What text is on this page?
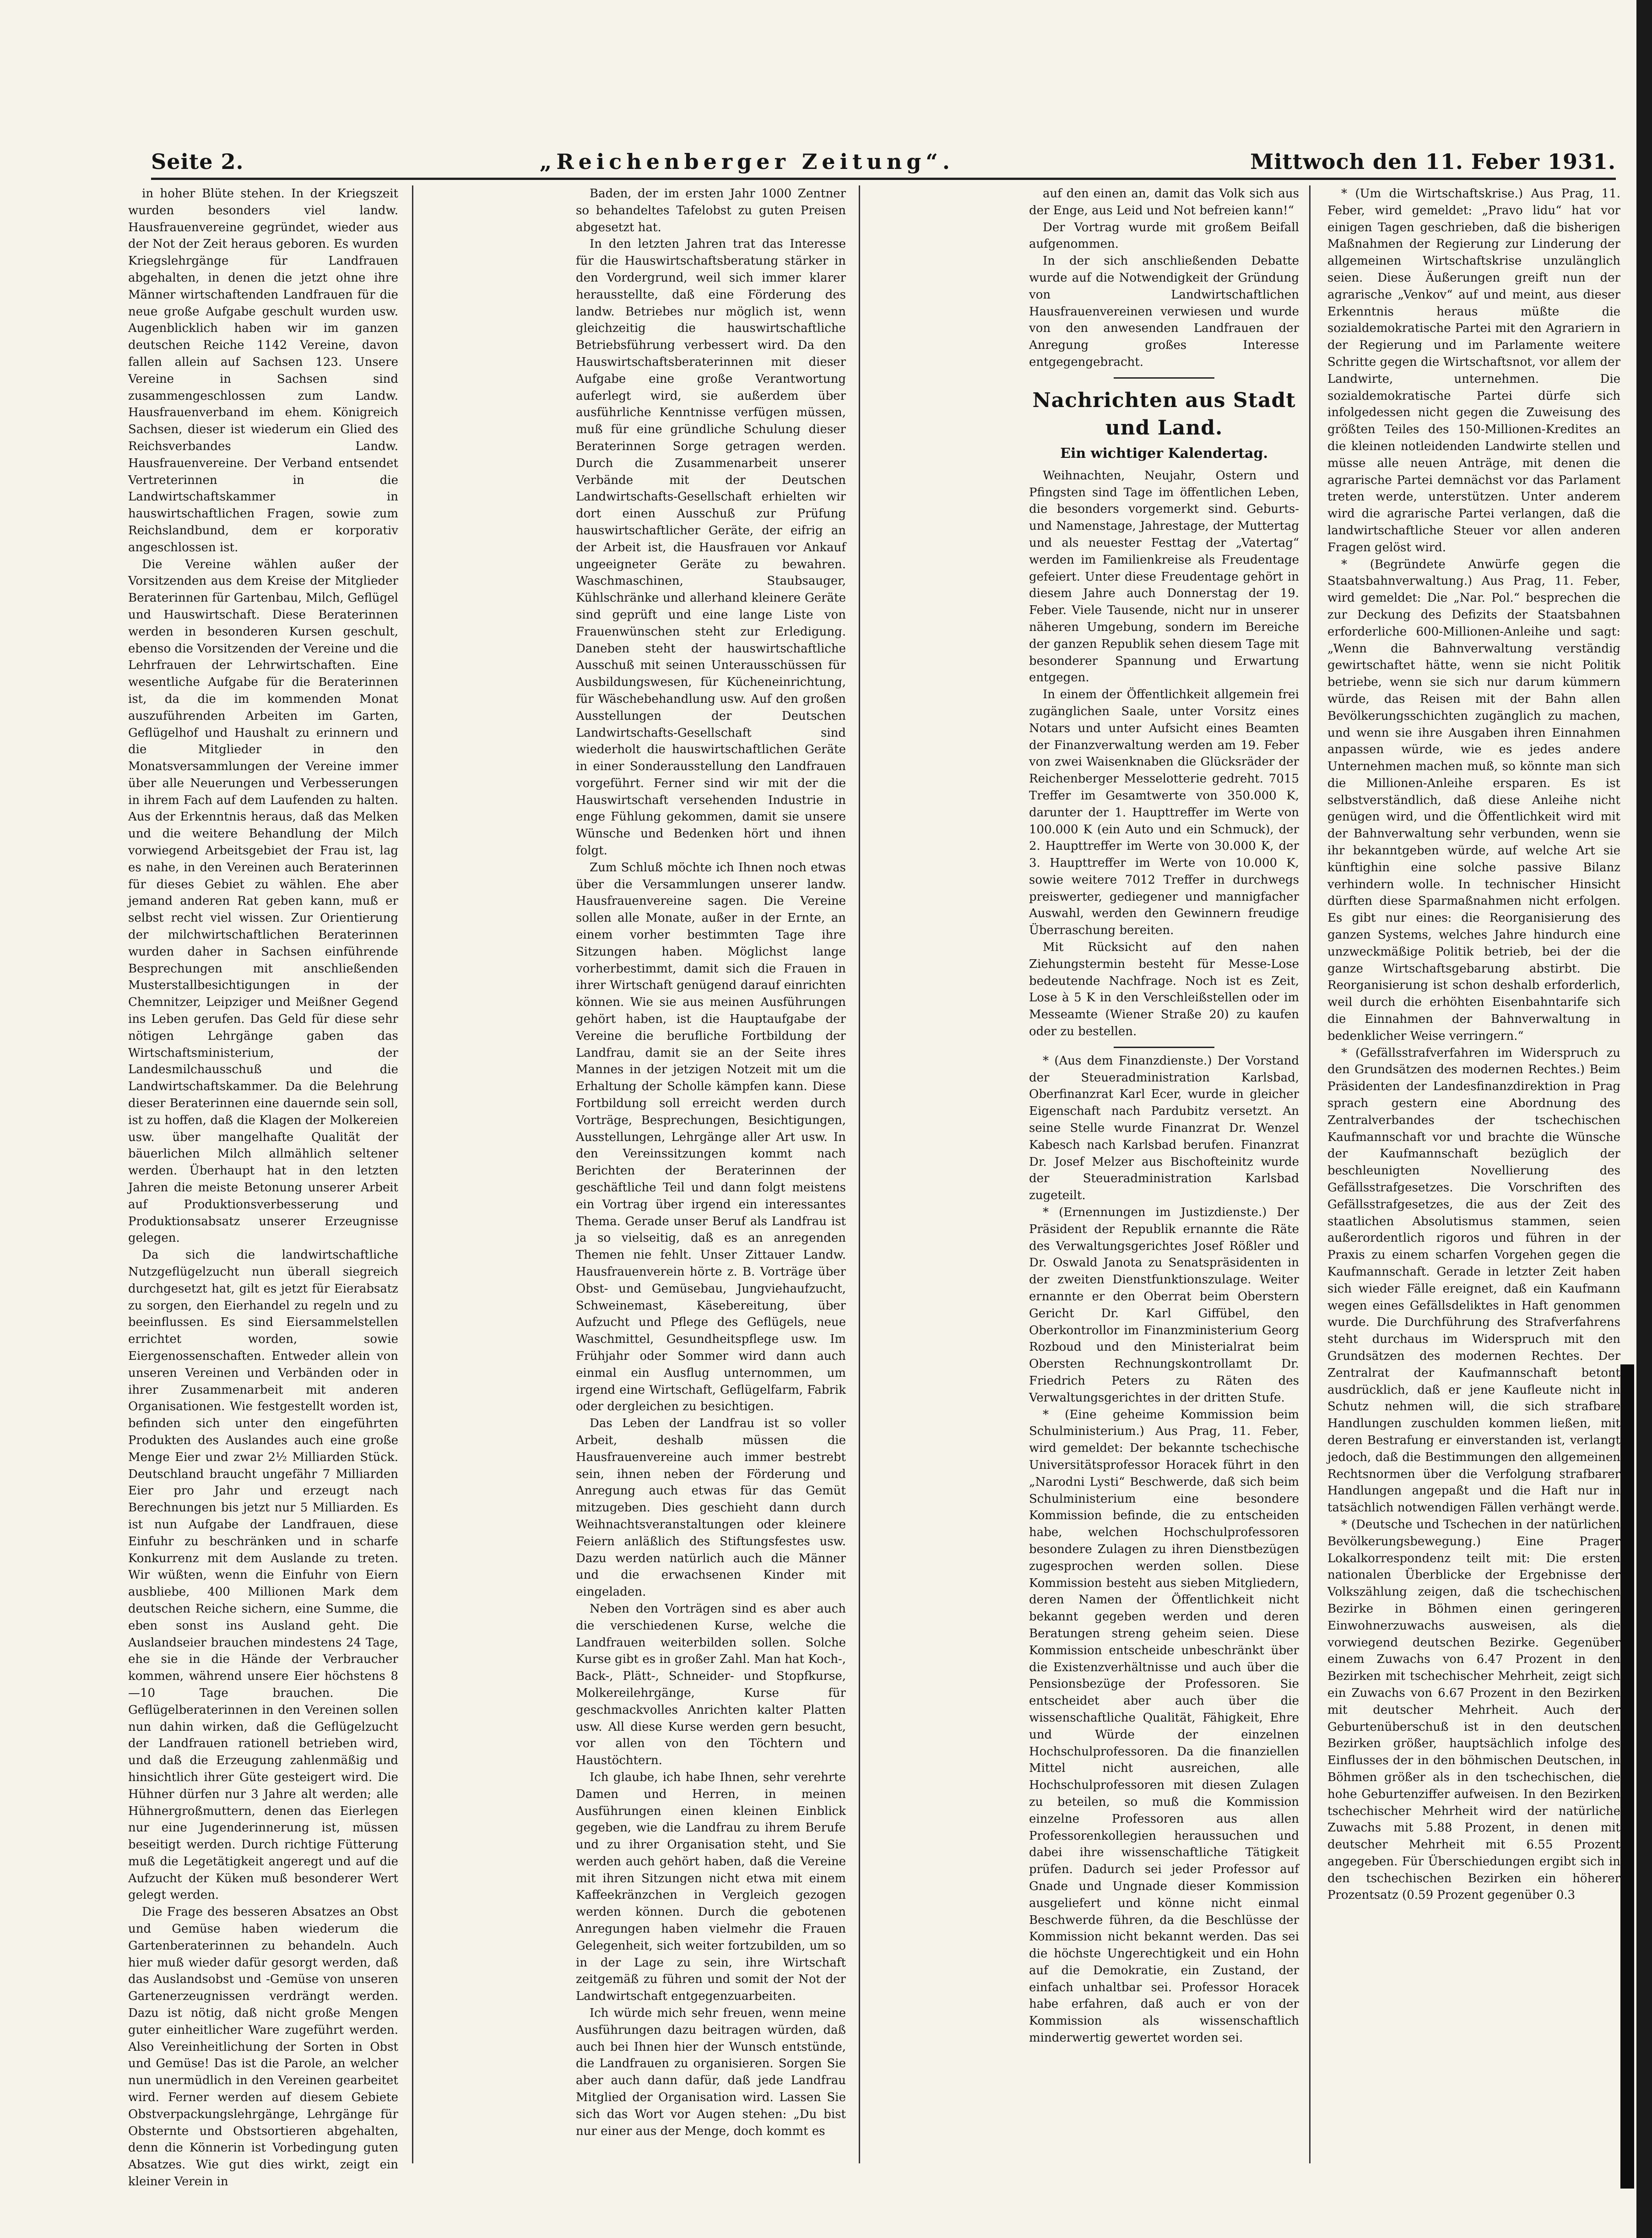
Seite 2.	„Reichenberger Zeitung“.	Mittwoch den 11. Feber 1931.

in hoher Blüte stehen. In der Kriegszeit wurden besonders viel landw. Hausfrauenvereine gegründet, wieder aus der Not der Zeit heraus geboren. Es wurden Kriegslehrgänge für Landfrauen abgehalten, in denen die jetzt ohne ihre Männer wirtschaftenden Landfrauen für die neue große Aufgabe geschult wurden usw. Augenblicklich haben wir im ganzen deutschen Reiche 1142 Vereine, davon fallen allein auf Sachsen 123. Unsere Vereine in Sachsen sind zusammengeschlossen zum Landw. Hausfrauenverband im ehem. Königreich Sachsen, dieser ist wiederum ein Glied des Reichsverbandes Landw. Hausfrauenvereine. Der Verband entsendet Vertreterinnen in die Landwirtschaftskammer in hauswirtschaftlichen Fragen, sowie zum Reichslandbund, dem er korporativ angeschlossen ist.

Die Vereine wählen außer der Vorsitzenden aus dem Kreise der Mitglieder Beraterinnen für Gartenbau, Milch, Geflügel und Hauswirtschaft. Diese Beraterinnen werden in besonderen Kursen geschult, ebenso die Vorsitzenden der Vereine und die Lehrfrauen der Lehrwirtschaften. Eine wesentliche Aufgabe für die Beraterinnen ist, da die im kommenden Monat auszuführenden Arbeiten im Garten, Geflügelhof und Haushalt zu erinnern und die Mitglieder in den Monatsversammlungen der Vereine immer über alle Neuerungen und Verbesserungen in ihrem Fach auf dem Laufenden zu halten. Aus der Erkenntnis heraus, daß das Melken und die weitere Behandlung der Milch vorwiegend Arbeitsgebiet der Frau ist, lag es nahe, in den Vereinen auch Beraterinnen für dieses Gebiet zu wählen. Ehe aber jemand anderen Rat geben kann, muß er selbst recht viel wissen. Zur Orientierung der milchwirtschaftlichen Beraterinnen wurden daher in Sachsen einführende Besprechungen mit anschließenden Musterstallbesichtigungen in der Chemnitzer, Leipziger und Meißner Gegend ins Leben gerufen. Das Geld für diese sehr nötigen Lehrgänge gaben das Wirtschaftsministerium, der Landesmilchausschuß und die Landwirtschaftskammer. Da die Belehrung dieser Beraterinnen eine dauernde sein soll, ist zu hoffen, daß die Klagen der Molkereien usw. über mangelhafte Qualität der bäuerlichen Milch allmählich seltener werden. Überhaupt hat in den letzten Jahren die meiste Betonung unserer Arbeit auf Produktionsverbesserung und Produktionsabsatz unserer Erzeugnisse gelegen.

Da sich die landwirtschaftliche Nutzgeflügelzucht nun überall siegreich durchgesetzt hat, gilt es jetzt für Eierabsatz zu sorgen, den Eierhandel zu regeln und zu beeinflussen. Es sind Eiersammelstellen errichtet worden, sowie Eiergenossenschaften. Entweder allein von unseren Vereinen und Verbänden oder in ihrer Zusammenarbeit mit anderen Organisationen. Wie festgestellt worden ist, befinden sich unter den eingeführten Produkten des Auslandes auch eine große Menge Eier und zwar 2½ Milliarden Stück. Deutschland braucht ungefähr 7 Milliarden Eier pro Jahr und erzeugt nach Berechnungen bis jetzt nur 5 Milliarden. Es ist nun Aufgabe der Landfrauen, diese Einfuhr zu beschränken und in scharfe Konkurrenz mit dem Auslande zu treten. Wir wüßten, wenn die Einfuhr von Eiern ausbliebe, 400 Millionen Mark dem deutschen Reiche sichern, eine Summe, die eben sonst ins Ausland geht. Die Auslandseier brauchen mindestens 24 Tage, ehe sie in die Hände der Verbraucher kommen, während unsere Eier höchstens 8—10 Tage brauchen. Die Geflügelberaterinnen in den Vereinen sollen nun dahin wirken, daß die Geflügelzucht der Landfrauen rationell betrieben wird, und daß die Erzeugung zahlenmäßig und hinsichtlich ihrer Güte gesteigert wird. Die Hühner dürfen nur 3 Jahre alt werden; alle Hühnergroßmuttern, denen das Eierlegen nur eine Jugenderinnerung ist, müssen beseitigt werden. Durch richtige Fütterung muß die Legetätigkeit angeregt und auf die Aufzucht der Küken muß besonderer Wert gelegt werden.

Die Frage des besseren Absatzes an Obst und Gemüse haben wiederum die Gartenberaterinnen zu behandeln. Auch hier muß wieder dafür gesorgt werden, daß das Auslandsobst und -Gemüse von unseren Gartenerzeugnissen verdrängt werden. Dazu ist nötig, daß nicht große Mengen guter einheitlicher Ware zugeführt werden. Also Vereinheitlichung der Sorten in Obst und Gemüse! Das ist die Parole, an welcher nun unermüdlich in den Vereinen gearbeitet wird. Ferner werden auf diesem Gebiete Obstverpackungslehrgänge, Lehrgänge für Obsternte und Obstsortieren abgehalten, denn die Könnerin ist Vorbedingung guten Absatzes. Wie gut dies wirkt, zeigt ein kleiner Verein in

Baden, der im ersten Jahr 1000 Zentner so behandeltes Tafelobst zu guten Preisen abgesetzt hat.

In den letzten Jahren trat das Interesse für die Hauswirtschaftsberatung stärker in den Vordergrund, weil sich immer klarer herausstellte, daß eine Förderung des landw. Betriebes nur möglich ist, wenn gleichzeitig die hauswirtschaftliche Betriebsführung verbessert wird. Da den Hauswirtschaftsberaterinnen mit dieser Aufgabe eine große Verantwortung auferlegt wird, sie außerdem über ausführliche Kenntnisse verfügen müssen, muß für eine gründliche Schulung dieser Beraterinnen Sorge getragen werden. Durch die Zusammenarbeit unserer Verbände mit der Deutschen Landwirtschafts-Gesellschaft erhielten wir dort einen Ausschuß zur Prüfung hauswirtschaftlicher Geräte, der eifrig an der Arbeit ist, die Hausfrauen vor Ankauf ungeeigneter Geräte zu bewahren. Waschmaschinen, Staubsauger, Kühlschränke und allerhand kleinere Geräte sind geprüft und eine lange Liste von Frauenwünschen steht zur Erledigung. Daneben steht der hauswirtschaftliche Ausschuß mit seinen Unterausschüssen für Ausbildungswesen, für Kücheneinrichtung, für Wäschebehandlung usw. Auf den großen Ausstellungen der Deutschen Landwirtschafts-Gesellschaft sind wiederholt die hauswirtschaftlichen Geräte in einer Sonderausstellung den Landfrauen vorgeführt. Ferner sind wir mit der die Hauswirtschaft versehenden Industrie in enge Fühlung gekommen, damit sie unsere Wünsche und Bedenken hört und ihnen folgt.

Zum Schluß möchte ich Ihnen noch etwas über die Versammlungen unserer landw. Hausfrauenvereine sagen. Die Vereine sollen alle Monate, außer in der Ernte, an einem vorher bestimmten Tage ihre Sitzungen haben. Möglichst lange vorherbestimmt, damit sich die Frauen in ihrer Wirtschaft genügend darauf einrichten können. Wie sie aus meinen Ausführungen gehört haben, ist die Hauptaufgabe der Vereine die berufliche Fortbildung der Landfrau, damit sie an der Seite ihres Mannes in der jetzigen Notzeit mit um die Erhaltung der Scholle kämpfen kann. Diese Fortbildung soll erreicht werden durch Vorträge, Besprechungen, Besichtigungen, Ausstellungen, Lehrgänge aller Art usw. In den Vereinssitzungen kommt nach Berichten der Beraterinnen der geschäftliche Teil und dann folgt meistens ein Vortrag über irgend ein interessantes Thema. Gerade unser Beruf als Landfrau ist ja so vielseitig, daß es an anregenden Themen nie fehlt. Unser Zittauer Landw. Hausfrauenverein hörte z. B. Vorträge über Obst- und Gemüsebau, Jungviehaufzucht, Schweinemast, Käsebereitung, über Aufzucht und Pflege des Geflügels, neue Waschmittel, Gesundheitspflege usw. Im Frühjahr oder Sommer wird dann auch einmal ein Ausflug unternommen, um irgend eine Wirtschaft, Geflügelfarm, Fabrik oder dergleichen zu besichtigen.

Das Leben der Landfrau ist so voller Arbeit, deshalb müssen die Hausfrauenvereine auch immer bestrebt sein, ihnen neben der Förderung und Anregung auch etwas für das Gemüt mitzugeben. Dies geschieht dann durch Weihnachtsveranstaltungen oder kleinere Feiern anläßlich des Stiftungsfestes usw. Dazu werden natürlich auch die Männer und die erwachsenen Kinder mit eingeladen.

Neben den Vorträgen sind es aber auch die verschiedenen Kurse, welche die Landfrauen weiterbilden sollen. Solche Kurse gibt es in großer Zahl. Man hat Koch-, Back-, Plätt-, Schneider- und Stopfkurse, Molkereilehrgänge, Kurse für geschmackvolles Anrichten kalter Platten usw. All diese Kurse werden gern besucht, vor allen von den Töchtern und Haustöchtern.

Ich glaube, ich habe Ihnen, sehr verehrte Damen und Herren, in meinen Ausführungen einen kleinen Einblick gegeben, wie die Landfrau zu ihrem Berufe und zu ihrer Organisation steht, und Sie werden auch gehört haben, daß die Vereine mit ihren Sitzungen nicht etwa mit einem Kaffeekränzchen in Vergleich gezogen werden können. Durch die gebotenen Anregungen haben vielmehr die Frauen Gelegenheit, sich weiter fortzubilden, um so in der Lage zu sein, ihre Wirtschaft zeitgemäß zu führen und somit der Not der Landwirtschaft entgegenzuarbeiten.

Ich würde mich sehr freuen, wenn meine Ausführungen dazu beitragen würden, daß auch bei Ihnen hier der Wunsch entstünde, die Landfrauen zu organisieren. Sorgen Sie aber auch dann dafür, daß jede Landfrau Mitglied der Organisation wird. Lassen Sie sich das Wort vor Augen stehen: „Du bist nur einer aus der Menge, doch kommt es

auf den einen an, damit das Volk sich aus der Enge, aus Leid und Not befreien kann!“

Der Vortrag wurde mit großem Beifall aufgenommen.

In der sich anschließenden Debatte wurde auf die Notwendigkeit der Gründung von Landwirtschaftlichen Hausfrauenvereinen verwiesen und wurde von den anwesenden Landfrauen der Anregung großes Interesse entgegengebracht.

Nachrichten aus Stadt und Land.
Ein wichtiger Kalendertag.

Weihnachten, Neujahr, Ostern und Pfingsten sind Tage im öffentlichen Leben, die besonders vorgemerkt sind. Geburts- und Namenstage, Jahrestage, der Muttertag und als neuester Festtag der „Vatertag“ werden im Familienkreise als Freudentage gefeiert. Unter diese Freudentage gehört in diesem Jahre auch Donnerstag der 19. Feber. Viele Tausende, nicht nur in unserer näheren Umgebung, sondern im Bereiche der ganzen Republik sehen diesem Tage mit besonderer Spannung und Erwartung entgegen.

In einem der Öffentlichkeit allgemein frei zugänglichen Saale, unter Vorsitz eines Notars und unter Aufsicht eines Beamten der Finanzverwaltung werden am 19. Feber von zwei Waisenknaben die Glücksräder der Reichenberger Messelotterie gedreht. 7015 Treffer im Gesamtwerte von 350.000 K, darunter der 1. Haupttreffer im Werte von 100.000 K (ein Auto und ein Schmuck), der 2. Haupttreffer im Werte von 30.000 K, der 3. Haupttreffer im Werte von 10.000 K, sowie weitere 7012 Treffer in durchwegs preiswerter, gediegener und mannigfacher Auswahl, werden den Gewinnern freudige Überraschung bereiten.

Mit Rücksicht auf den nahen Ziehungstermin besteht für Messe-Lose bedeutende Nachfrage. Noch ist es Zeit, Lose à 5 K in den Verschleißstellen oder im Messeamte (Wiener Straße 20) zu kaufen oder zu bestellen.

* (Aus dem Finanzdienste.) Der Vorstand der Steueradministration Karlsbad, Oberfinanzrat Karl Ecer, wurde in gleicher Eigenschaft nach Pardubitz versetzt. An seine Stelle wurde Finanzrat Dr. Wenzel Kabesch nach Karlsbad berufen. Finanzrat Dr. Josef Melzer aus Bischofteinitz wurde der Steueradministration Karlsbad zugeteilt.

* (Ernennungen im Justizdienste.) Der Präsident der Republik ernannte die Räte des Verwaltungsgerichtes Josef Rößler und Dr. Oswald Janota zu Senatspräsidenten in der zweiten Dienstfunktionszulage. Weiter ernannte er den Oberrat beim Oberstern Gericht Dr. Karl Giffübel, den Oberkontrollor im Finanzministerium Georg Rozboud und den Ministerialrat beim Obersten Rechnungskontrollamt Dr. Friedrich Peters zu Räten des Verwaltungsgerichtes in der dritten Stufe.

* (Eine geheime Kommission beim Schulministerium.) Aus Prag, 11. Feber, wird gemeldet: Der bekannte tschechische Universitätsprofessor Horacek führt in den „Narodni Lysti“ Beschwerde, daß sich beim Schulministerium eine besondere Kommission befinde, die zu entscheiden habe, welchen Hochschulprofessoren besondere Zulagen zu ihren Dienstbezügen zugesprochen werden sollen. Diese Kommission besteht aus sieben Mitgliedern, deren Namen der Öffentlichkeit nicht bekannt gegeben werden und deren Beratungen streng geheim seien. Diese Kommission entscheide unbeschränkt über die Existenzverhältnisse und auch über die Pensionsbezüge der Professoren. Sie entscheidet aber auch über die wissenschaftliche Qualität, Fähigkeit, Ehre und Würde der einzelnen Hochschulprofessoren. Da die finanziellen Mittel nicht ausreichen, alle Hochschulprofessoren mit diesen Zulagen zu beteilen, so muß die Kommission einzelne Professoren aus allen Professorenkollegien heraussuchen und dabei ihre wissenschaftliche Tätigkeit prüfen. Dadurch sei jeder Professor auf Gnade und Ungnade dieser Kommission ausgeliefert und könne nicht einmal Beschwerde führen, da die Beschlüsse der Kommission nicht bekannt werden. Das sei die höchste Ungerechtigkeit und ein Hohn auf die Demokratie, ein Zustand, der einfach unhaltbar sei. Professor Horacek habe erfahren, daß auch er von der Kommission als wissenschaftlich minderwertig gewertet worden sei.

* (Um die Wirtschaftskrise.) Aus Prag, 11. Feber, wird gemeldet: „Pravo lidu“ hat vor einigen Tagen geschrieben, daß die bisherigen Maßnahmen der Regierung zur Linderung der allgemeinen Wirtschaftskrise unzulänglich seien. Diese Äußerungen greift nun der agrarische „Venkov“ auf und meint, aus dieser Erkenntnis heraus müßte die sozialdemokratische Partei mit den Agrariern in der Regierung und im Parlamente weitere Schritte gegen die Wirtschaftsnot, vor allem der Landwirte, unternehmen. Die sozialdemokratische Partei dürfe sich infolgedessen nicht gegen die Zuweisung des größten Teiles des 150-Millionen-Kredites an die kleinen notleidenden Landwirte stellen und müsse alle neuen Anträge, mit denen die agrarische Partei demnächst vor das Parlament treten werde, unterstützen. Unter anderem wird die agrarische Partei verlangen, daß die landwirtschaftliche Steuer vor allen anderen Fragen gelöst wird.

* (Begründete Anwürfe gegen die Staatsbahnverwaltung.) Aus Prag, 11. Feber, wird gemeldet: Die „Nar. Pol.“ besprechen die zur Deckung des Defizits der Staatsbahnen erforderliche 600-Millionen-Anleihe und sagt: „Wenn die Bahnverwaltung verständig gewirtschaftet hätte, wenn sie nicht Politik betriebe, wenn sie sich nur darum kümmern würde, das Reisen mit der Bahn allen Bevölkerungsschichten zugänglich zu machen, und wenn sie ihre Ausgaben ihren Einnahmen anpassen würde, wie es jedes andere Unternehmen machen muß, so könnte man sich die Millionen-Anleihe ersparen. Es ist selbstverständlich, daß diese Anleihe nicht genügen wird, und die Öffentlichkeit wird mit der Bahnverwaltung sehr verbunden, wenn sie ihr bekanntgeben würde, auf welche Art sie künftighin eine solche passive Bilanz verhindern wolle. In technischer Hinsicht dürften diese Sparmaßnahmen nicht erfolgen. Es gibt nur eines: die Reorganisierung des ganzen Systems, welches Jahre hindurch eine unzweckmäßige Politik betrieb, bei der die ganze Wirtschaftsgebarung abstirbt. Die Reorganisierung ist schon deshalb erforderlich, weil durch die erhöhten Eisenbahntarife sich die Einnahmen der Bahnverwaltung in bedenklicher Weise verringern.“

* (Gefällsstrafverfahren im Widerspruch zu den Grundsätzen des modernen Rechtes.) Beim Präsidenten der Landesfinanzdirektion in Prag sprach gestern eine Abordnung des Zentralverbandes der tschechischen Kaufmannschaft vor und brachte die Wünsche der Kaufmannschaft bezüglich der beschleunigten Novellierung des Gefällsstrafgesetzes. Die Vorschriften des Gefällsstrafgesetzes, die aus der Zeit des staatlichen Absolutismus stammen, seien außerordentlich rigoros und führen in der Praxis zu einem scharfen Vorgehen gegen die Kaufmannschaft. Gerade in letzter Zeit haben sich wieder Fälle ereignet, daß ein Kaufmann wegen eines Gefällsdeliktes in Haft genommen wurde. Die Durchführung des Strafverfahrens steht durchaus im Widerspruch mit den Grundsätzen des modernen Rechtes. Der Zentralrat der Kaufmannschaft betont ausdrücklich, daß er jene Kaufleute nicht in Schutz nehmen will, die sich strafbare Handlungen zuschulden kommen ließen, mit deren Bestrafung er einverstanden ist, verlangt jedoch, daß die Bestimmungen den allgemeinen Rechtsnormen über die Verfolgung strafbarer Handlungen angepaßt und die Haft nur in tatsächlich notwendigen Fällen verhängt werde.

* (Deutsche und Tschechen in der natürlichen Bevölkerungsbewegung.) Eine Prager Lokalkorrespondenz teilt mit: Die ersten nationalen Überblicke der Ergebnisse der Volkszählung zeigen, daß die tschechischen Bezirke in Böhmen einen geringeren Einwohnerzuwachs ausweisen, als die vorwiegend deutschen Bezirke. Gegenüber einem Zuwachs von 6.47 Prozent in den Bezirken mit tschechischer Mehrheit, zeigt sich ein Zuwachs von 6.67 Prozent in den Bezirken mit deutscher Mehrheit. Auch der Geburtenüberschuß ist in den deutschen Bezirken größer, hauptsächlich infolge des Einflusses der in den böhmischen Deutschen, in Böhmen größer als in den tschechischen, die hohe Geburtenziffer aufweisen. In den Bezirken tschechischer Mehrheit wird der natürliche Zuwachs mit 5.88 Prozent, in denen mit deutscher Mehrheit mit 6.55 Prozent angegeben. Für Überschiedungen ergibt sich in den tschechischen Bezirken ein höherer Prozentsatz (0.59 Prozent gegenüber 0.3
